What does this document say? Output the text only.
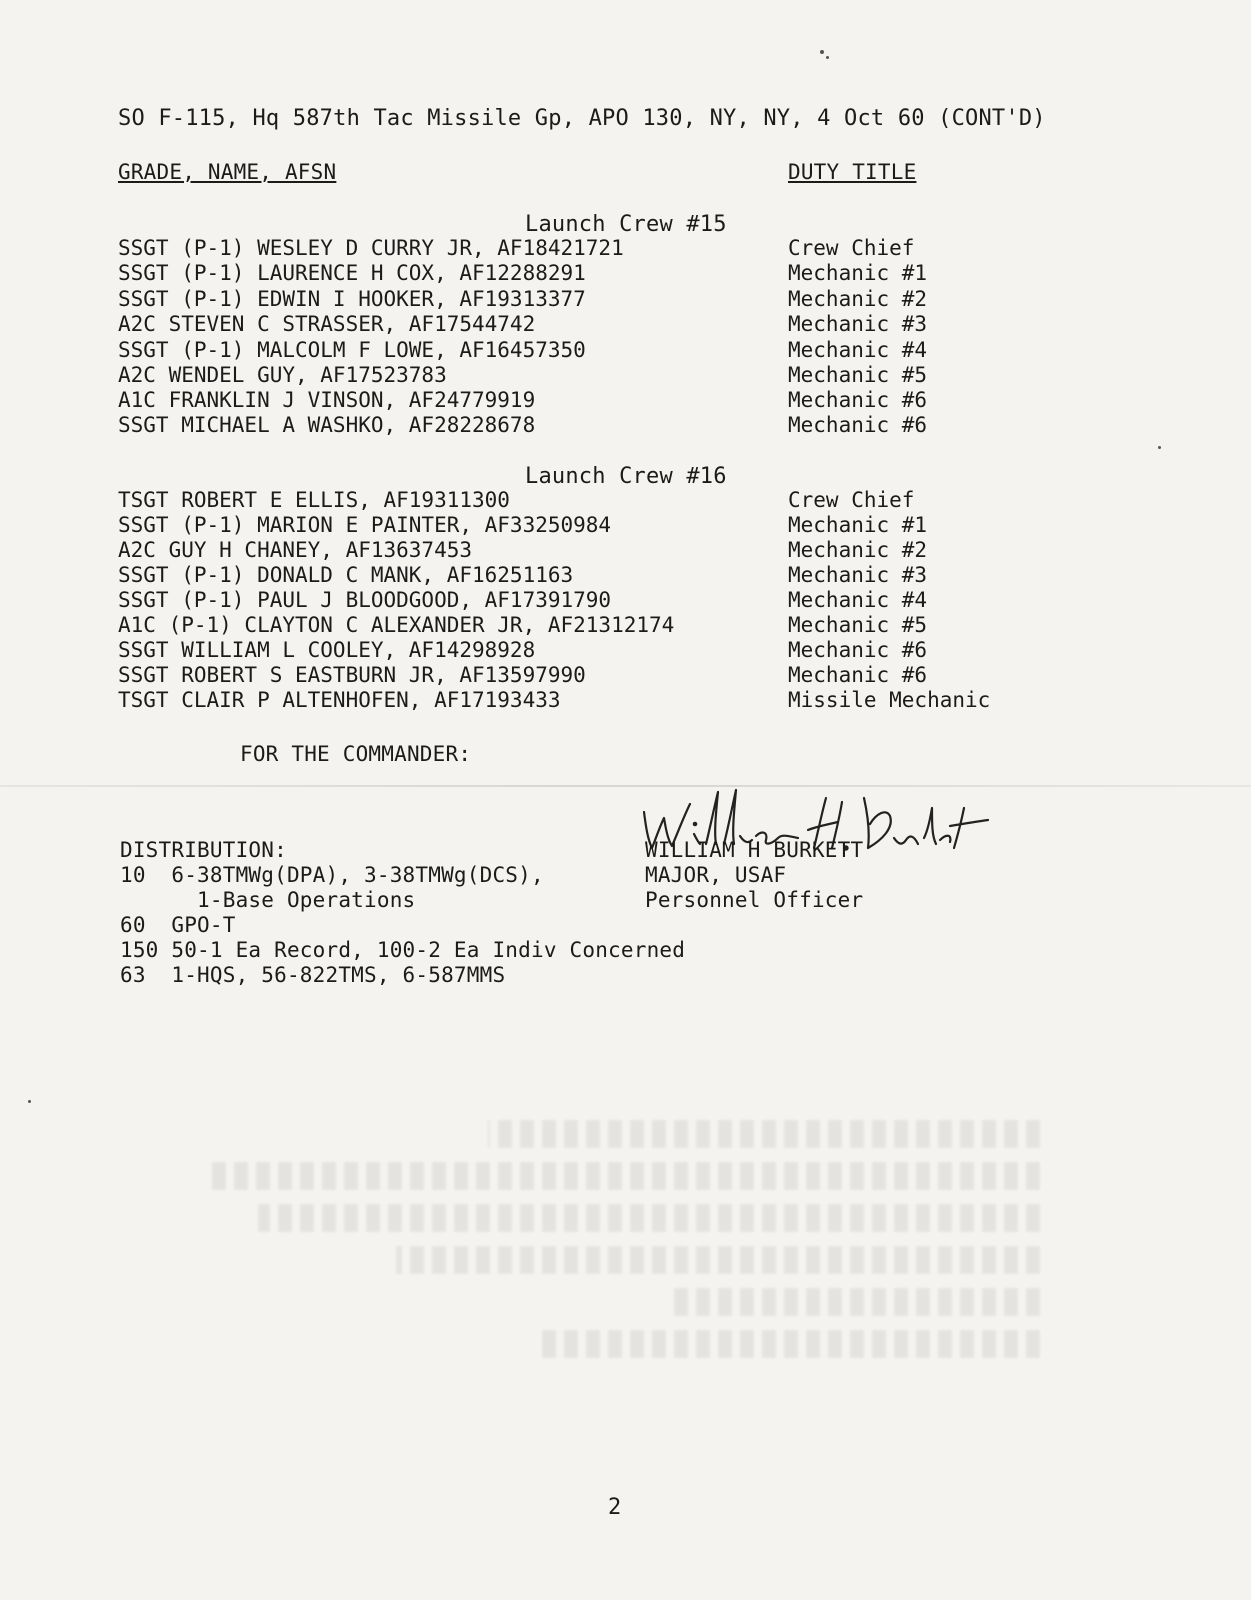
SO F-115, Hq 587th Tac Missile Gp, APO 130, NY, NY, 4 Oct 60 (CONT'D)
GRADE, NAME, AFSN	DUTY TITLE
Launch Crew #15
SSGT (P-1) WESLEY D CURRY JR, AF18421721	Crew Chief
SSGT (P-1) LAURENCE H COX, AF12288291	Mechanic #1
SSGT (P-1) EDWIN I HOOKER, AF19313377	Mechanic #2
A2C STEVEN C STRASSER, AF17544742	Mechanic #3
SSGT (P-1) MALCOLM F LOWE, AF16457350	Mechanic #4
A2C WENDEL GUY, AF17523783	Mechanic #5
A1C FRANKLIN J VINSON, AF24779919	Mechanic #6
SSGT MICHAEL A WASHKO, AF28228678	Mechanic #6
Launch Crew #16
TSGT ROBERT E ELLIS, AF19311300	Crew Chief
SSGT (P-1) MARION E PAINTER, AF33250984	Mechanic #1
A2C GUY H CHANEY, AF13637453	Mechanic #2
SSGT (P-1) DONALD C MANK, AF16251163	Mechanic #3
SSGT (P-1) PAUL J BLOODGOOD, AF17391790	Mechanic #4
A1C (P-1) CLAYTON C ALEXANDER JR, AF21312174	Mechanic #5
SSGT WILLIAM L COOLEY, AF14298928	Mechanic #6
SSGT ROBERT S EASTBURN JR, AF13597990	Mechanic #6
TSGT CLAIR P ALTENHOFEN, AF17193433	Missile Mechanic
FOR THE COMMANDER:
WILLIAM H BURKETT
MAJOR, USAF
Personnel Officer
DISTRIBUTION:
10  6-38TMWg(DPA), 3-38TMWg(DCS),
1-Base Operations
60  GPO-T
150 50-1 Ea Record, 100-2 Ea Indiv Concerned
63  1-HQS, 56-822TMS, 6-587MMS
2
